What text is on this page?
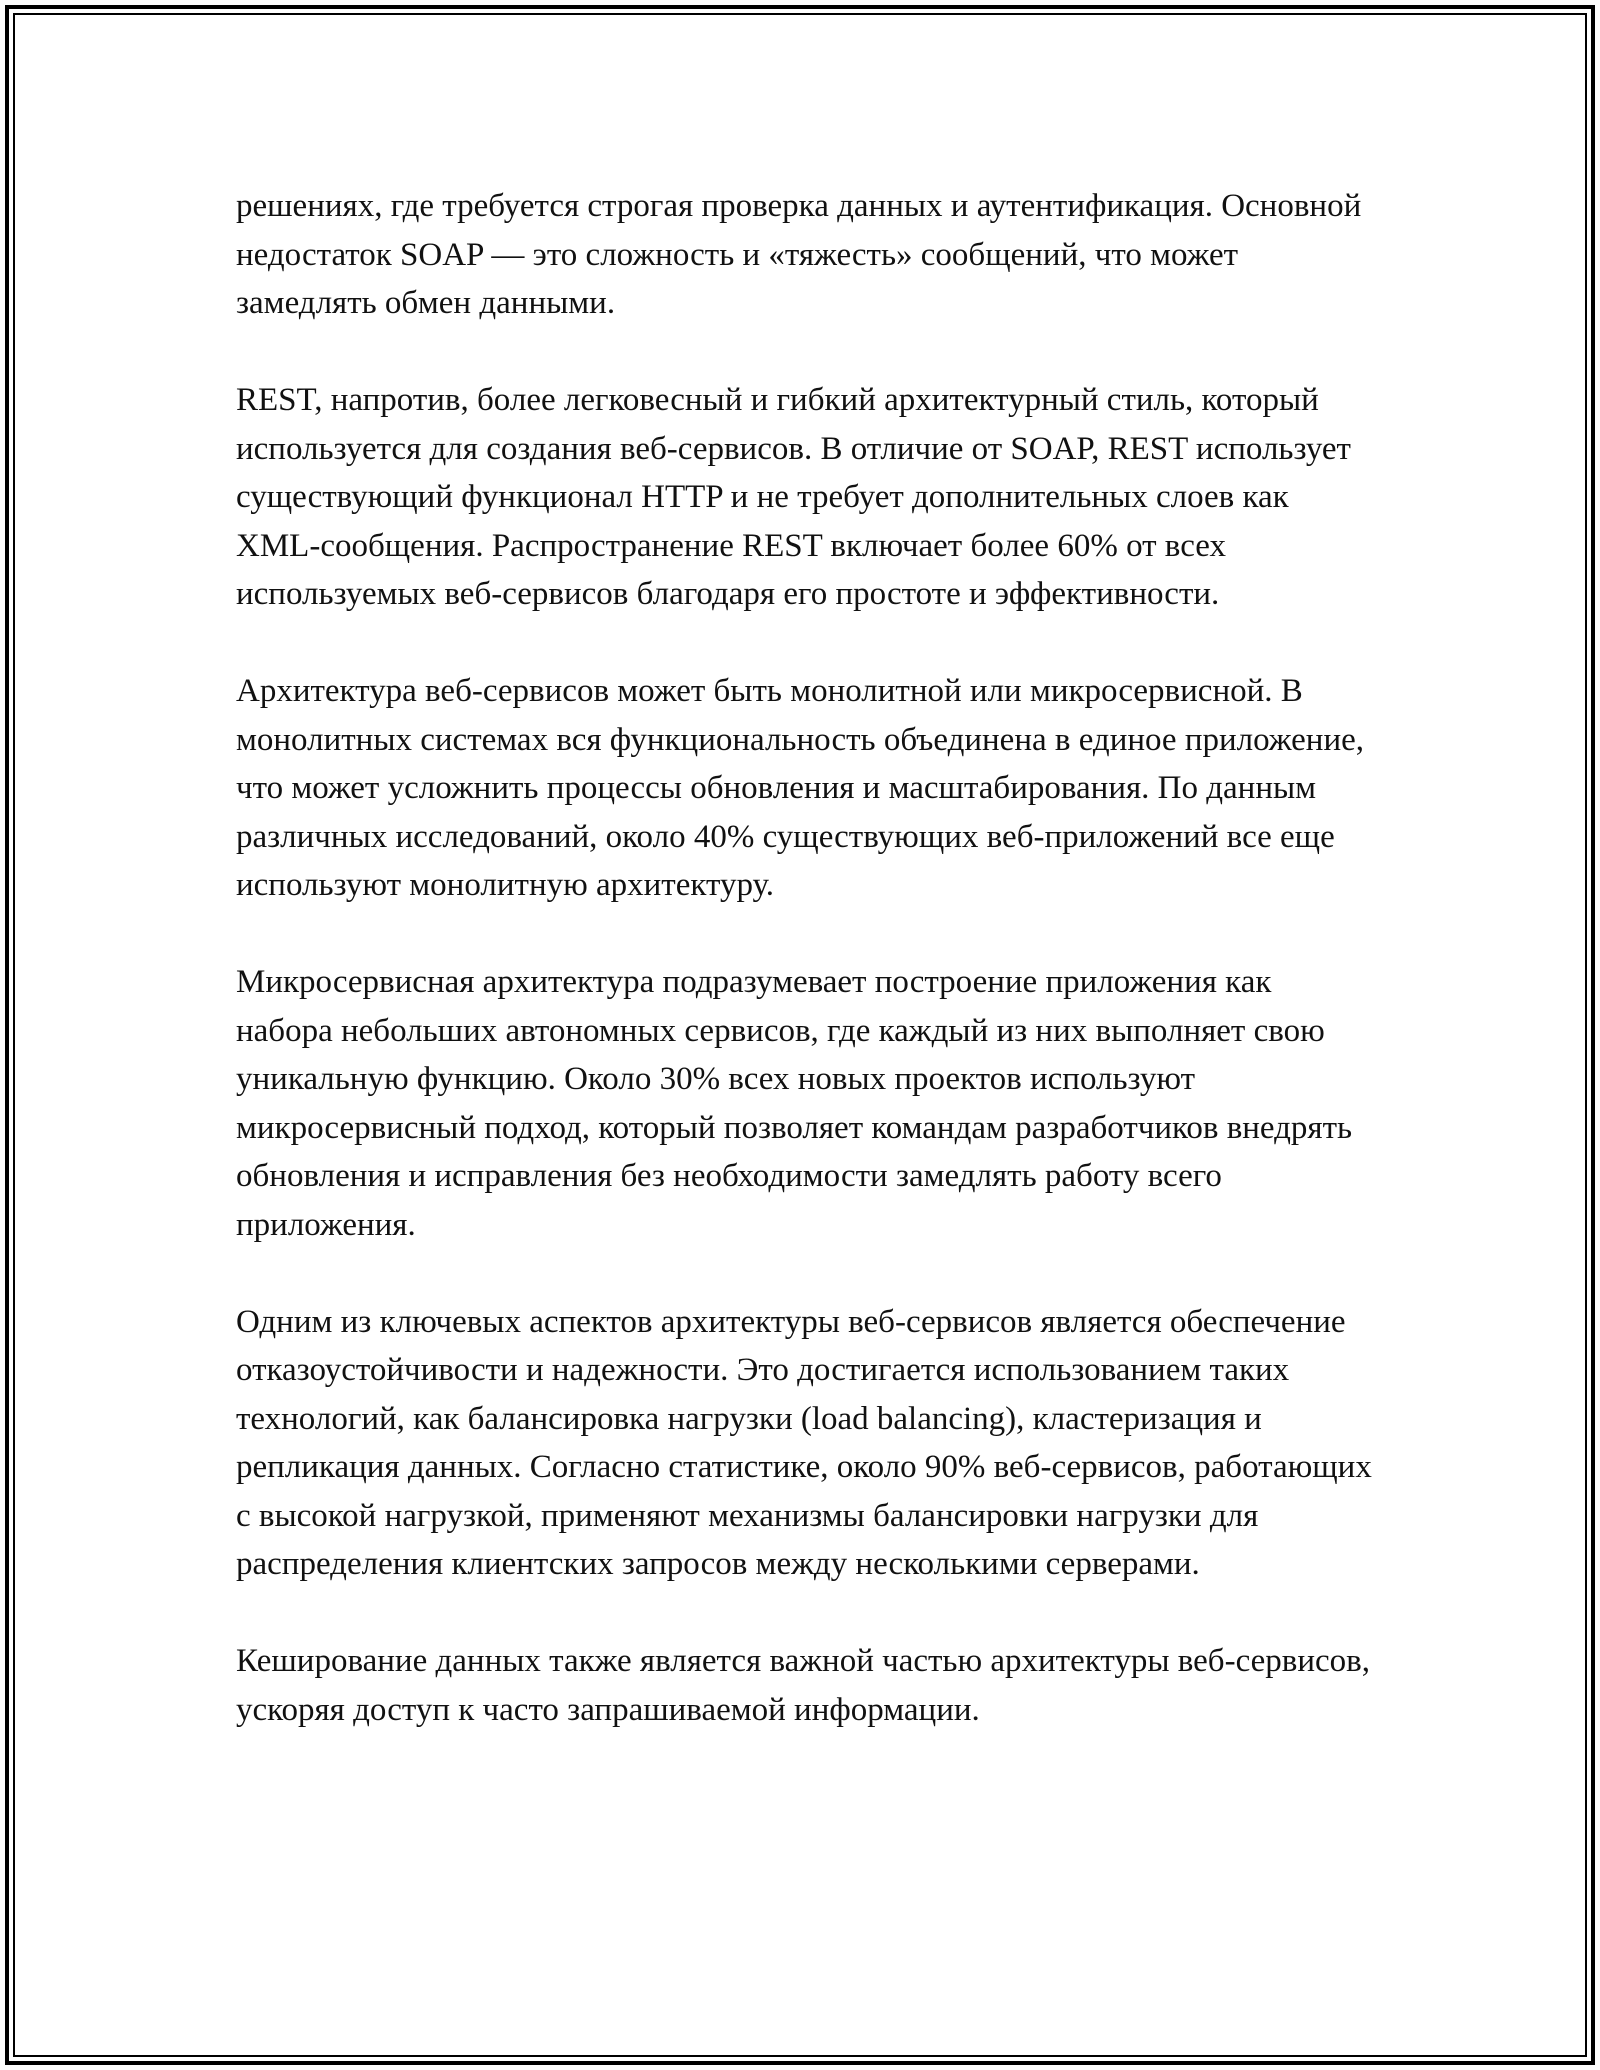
решениях, где требуется строгая проверка данных и аутентификация. Основной недостаток SOAP — это сложность и «тяжесть» сообщений, что может замедлять обмен данными.

REST, напротив, более легковесный и гибкий архитектурный стиль, который используется для создания веб-сервисов. В отличие от SOAP, REST использует существующий функционал HTTP и не требует дополнительных слоев как XML-сообщения. Распространение REST включает более 60% от всех используемых веб-сервисов благодаря его простоте и эффективности.

Архитектура веб-сервисов может быть монолитной или микросервисной. В монолитных системах вся функциональность объединена в единое приложение, что может усложнить процессы обновления и масштабирования. По данным различных исследований, около 40% существующих веб-приложений все еще используют монолитную архитектуру.

Микросервисная архитектура подразумевает построение приложения как набора небольших автономных сервисов, где каждый из них выполняет свою уникальную функцию. Около 30% всех новых проектов используют микросервисный подход, который позволяет командам разработчиков внедрять обновления и исправления без необходимости замедлять работу всего приложения.

Одним из ключевых аспектов архитектуры веб-сервисов является обеспечение отказоустойчивости и надежности. Это достигается использованием таких технологий, как балансировка нагрузки (load balancing), кластеризация и репликация данных. Согласно статистике, около 90% веб-сервисов, работающих с высокой нагрузкой, применяют механизмы балансировки нагрузки для распределения клиентских запросов между несколькими серверами.

Кеширование данных также является важной частью архитектуры веб-сервисов, ускоряя доступ к часто запрашиваемой информации.
